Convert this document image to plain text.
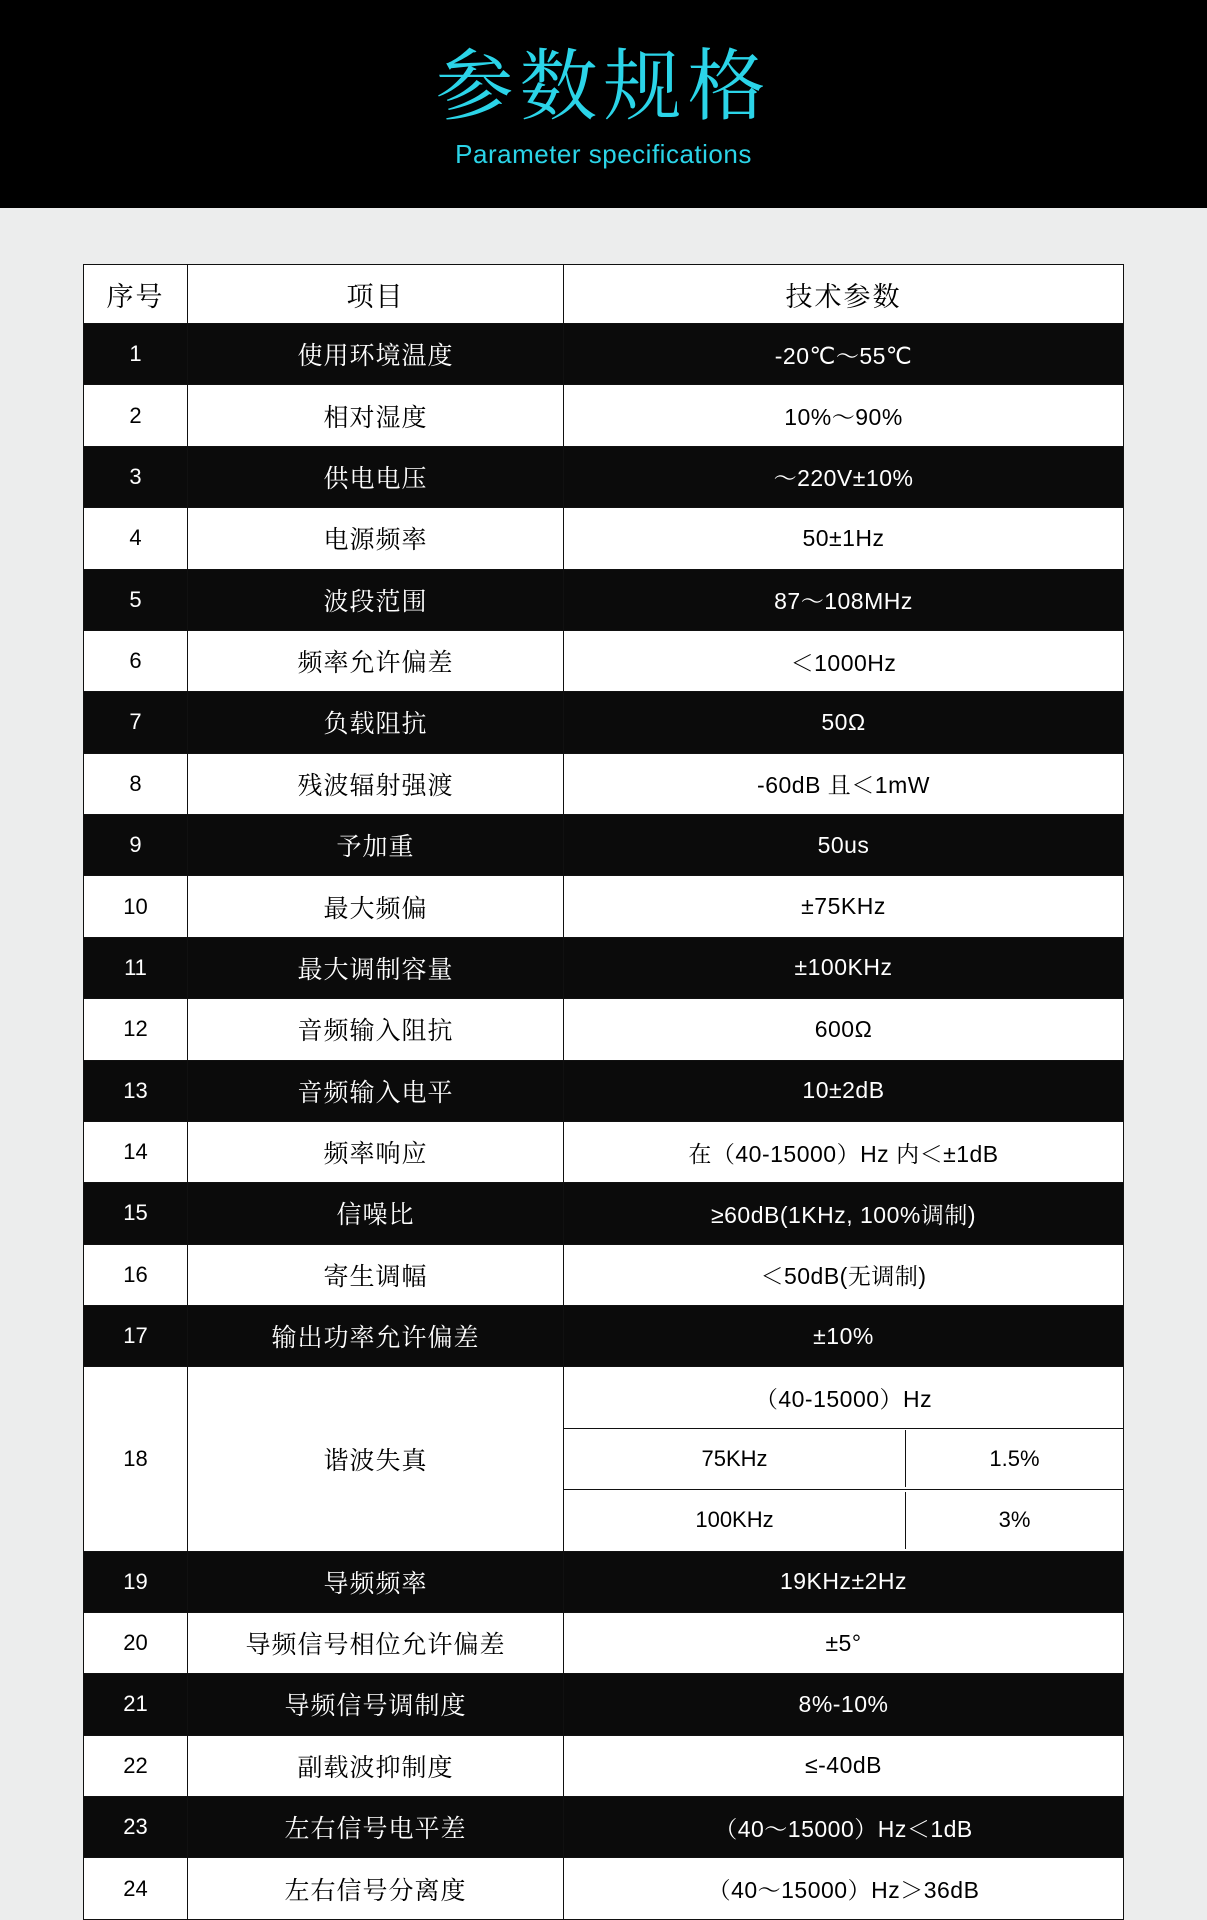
参数规格
Parameter specifications
序号	项目	技术参数
1	使用环境温度	-20℃～55℃
2	相对湿度	10%～90%
3	供电电压	～220V±10%
4	电源频率	50±1Hz
5	波段范围	87～108MHz
6	频率允许偏差	＜1000Hz
7	负载阻抗	50Ω
8	残波辐射强渡	-60dB 且＜1mW
9	予加重	50us
10	最大频偏	±75KHz
11	最大调制容量	±100KHz
12	音频输入阻抗	600Ω
13	音频输入电平	10±2dB
14	频率响应	在（40-15000）Hz 内＜±1dB
15	信噪比	≥60dB(1KHz, 100%调制)
16	寄生调幅	＜50dB(无调制)
17	输出功率允许偏差	±10%
18	谐波失真	（40-15000）Hz

75KHz	1.5%

100KHz	3%

19	导频频率	19KHz±2Hz
20	导频信号相位允许偏差	±5°
21	导频信号调制度	8%-10%
22	副载波抑制度	≤-40dB
23	左右信号电平差	（40～15000）Hz＜1dB
24	左右信号分离度	（40～15000）Hz＞36dB
